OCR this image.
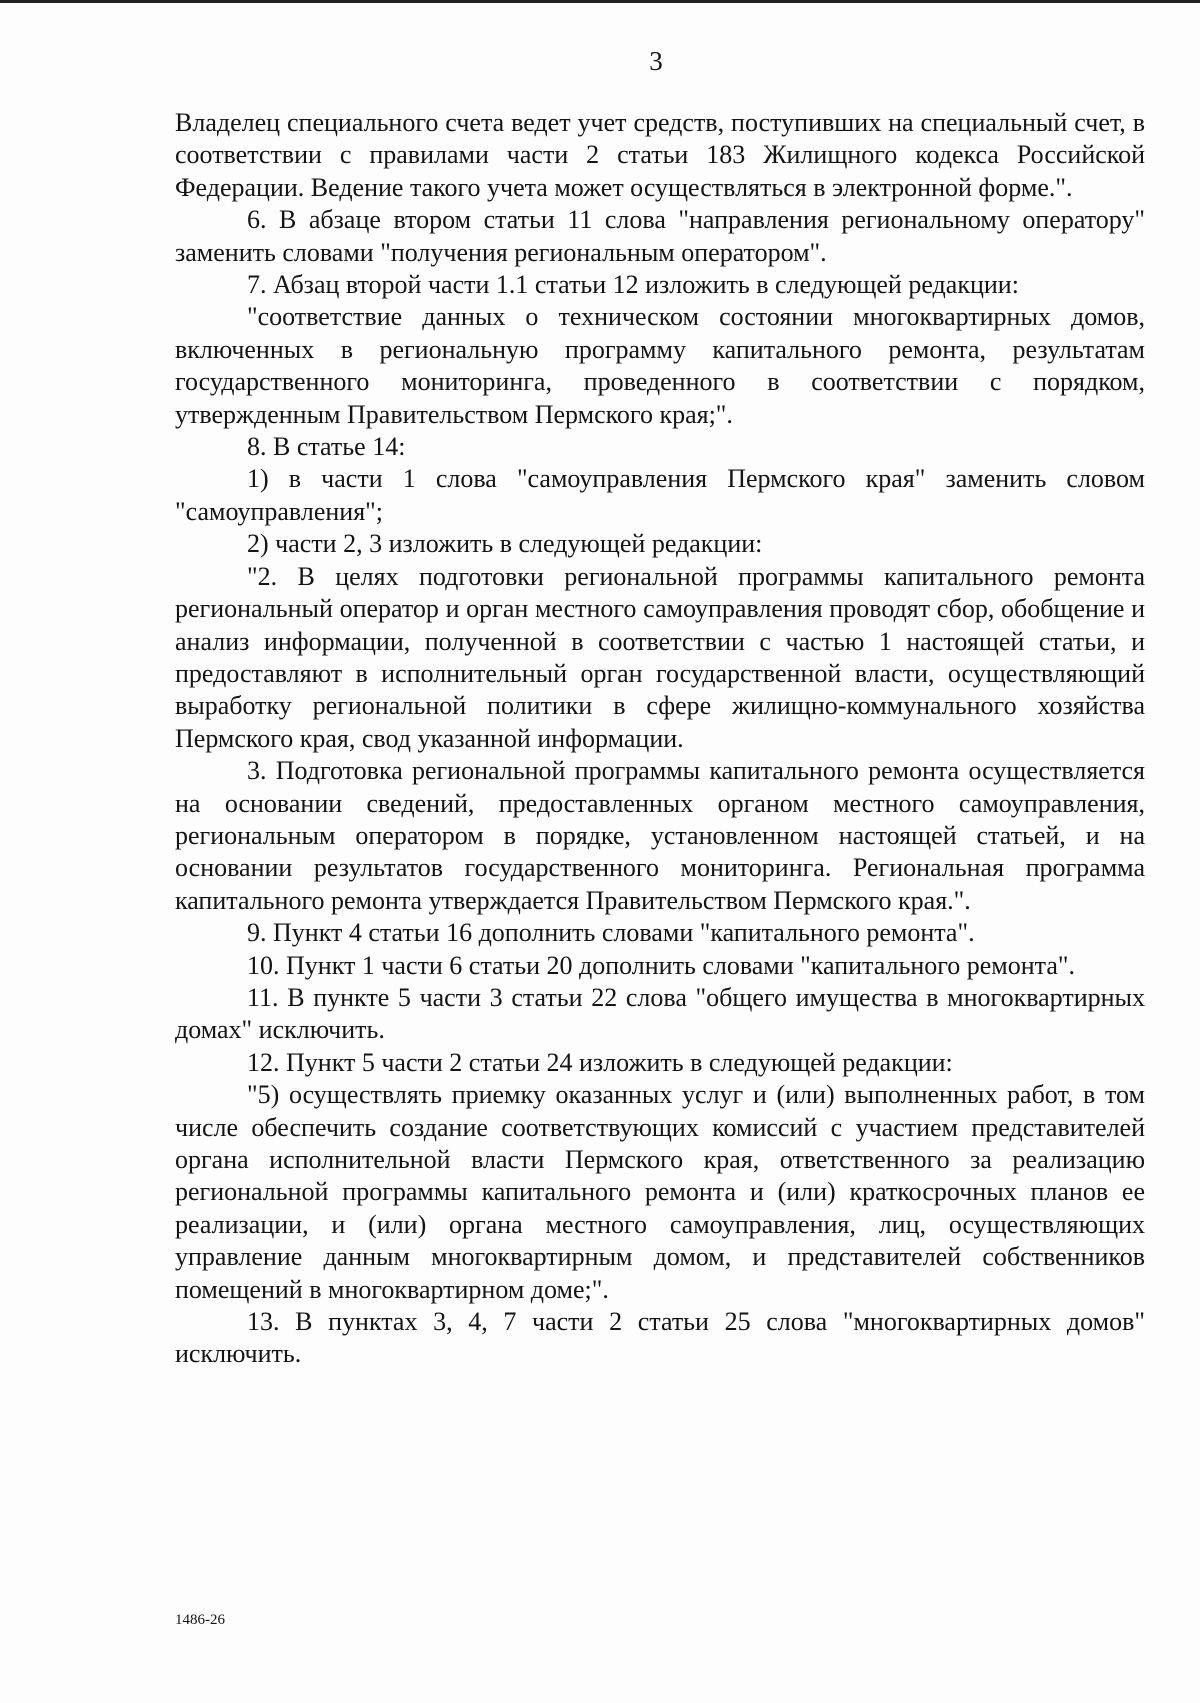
3

Владелец специального счета ведет учет средств, поступивших на специальный счет, в соответствии с правилами части 2 статьи 183 Жилищного кодекса Российской Федерации. Ведение такого учета может осуществляться в электронной форме.".

6. В абзаце втором статьи 11 слова "направления региональному оператору" заменить словами "получения региональным оператором".

7. Абзац второй части 1.1 статьи 12 изложить в следующей редакции:

"соответствие данных о техническом состоянии многоквартирных домов, включенных в региональную программу капитального ремонта, результатам государственного мониторинга, проведенного в соответствии с порядком, утвержденным Правительством Пермского края;".

8. В статье 14:

1) в части 1 слова "самоуправления Пермского края" заменить словом "самоуправления";

2) части 2, 3 изложить в следующей редакции:

"2. В целях подготовки региональной программы капитального ремонта региональный оператор и орган местного самоуправления проводят сбор, обобщение и анализ информации, полученной в соответствии с частью 1 настоящей статьи, и предоставляют в исполнительный орган государственной власти, осуществляющий выработку региональной политики в сфере жилищно-коммунального хозяйства Пермского края, свод указанной информации.

3. Подготовка региональной программы капитального ремонта осуществляется на основании сведений, предоставленных органом местного самоуправления, региональным оператором в порядке, установленном настоящей статьей, и на основании результатов государственного мониторинга. Региональная программа капитального ремонта утверждается Правительством Пермского края.".

9. Пункт 4 статьи 16 дополнить словами "капитального ремонта".

10. Пункт 1 части 6 статьи 20 дополнить словами "капитального ремонта".

11. В пункте 5 части 3 статьи 22 слова "общего имущества в многоквартирных домах" исключить.

12. Пункт 5 части 2 статьи 24 изложить в следующей редакции:

"5) осуществлять приемку оказанных услуг и (или) выполненных работ, в том числе обеспечить создание соответствующих комиссий с участием представителей органа исполнительной власти Пермского края, ответственного за реализацию региональной программы капитального ремонта и (или) краткосрочных планов ее реализации, и (или) органа местного самоуправления, лиц, осуществляющих управление данным многоквартирным домом, и представителей собственников помещений в многоквартирном доме;".

13. В пунктах 3, 4, 7 части 2 статьи 25 слова "многоквартирных домов" исключить.

1486-26
